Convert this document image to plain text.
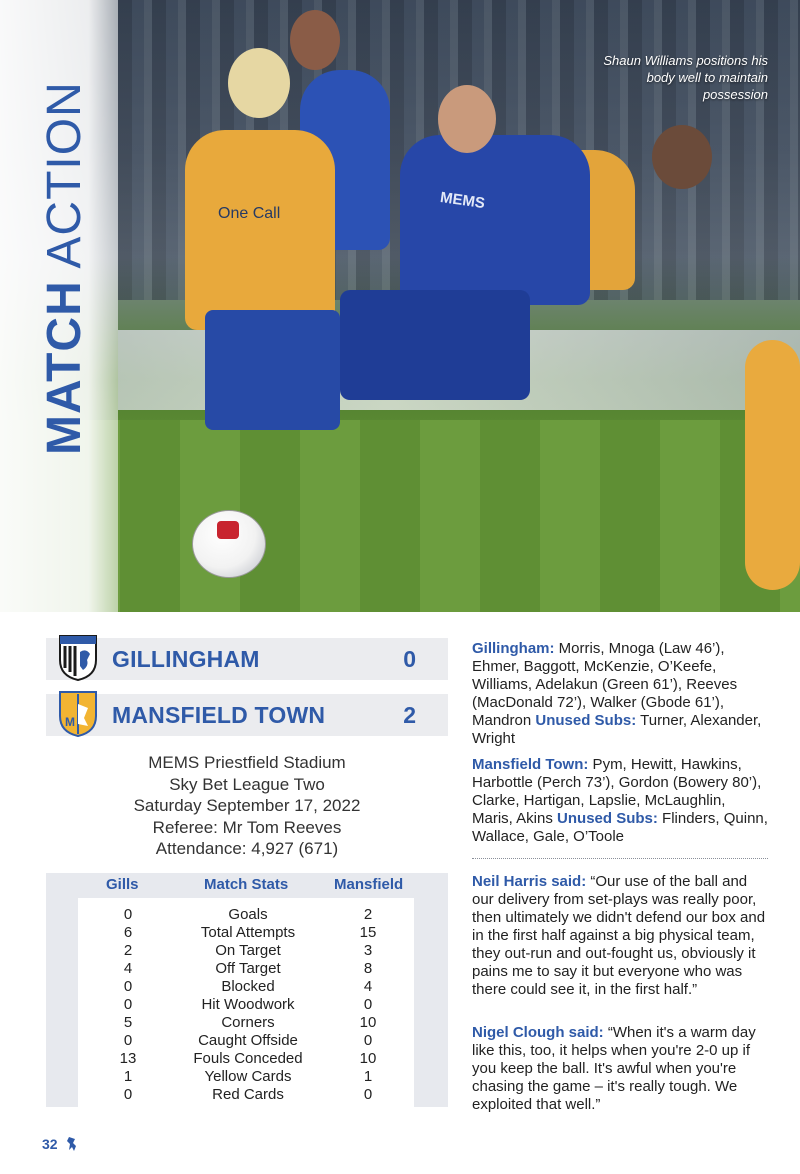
One Call
MEMS
Shaun Williams positions his body well to maintain possession
MATCH ACTION
GILLINGHAM	0
M MANSFIELD TOWN	2
MEMS Priestfield Stadium
Sky Bet League Two
Saturday September 17, 2022
Referee: Mr Tom Reeves
Attendance: 4,927 (671)
Gills	Match Stats	Mansfield
0	Goals	2
6	Total Attempts	15
2	On Target	3
4	Off Target	8
0	Blocked	4
0	Hit Woodwork	0
5	Corners	10
0	Caught Offside	0
13	Fouls Conceded	10
1	Yellow Cards	1
0	Red Cards	0
Gillingham: Morris, Mnoga (Law 46’), Ehmer, Baggott, McKenzie, O’Keefe, Williams, Adelakun (Green 61’), Reeves (MacDonald 72’), Walker (Gbode 61’), Mandron Unused Subs: Turner, Alexander, Wright
Mansfield Town: Pym, Hewitt, Hawkins, Harbottle (Perch 73’), Gordon (Bowery 80’), Clarke, Hartigan, Lapslie, McLaughlin, Maris, Akins Unused Subs: Flinders, Quinn, Wallace, Gale, O’Toole
Neil Harris said: “Our use of the ball and our delivery from set-plays was really poor, then ultimately we didn't defend our box and in the first half against a big physical team, they out-run and out-fought us, obviously it pains me to say it but everyone who was there could see it, in the first half.”
Nigel Clough said: “When it's a warm day like this, too, it helps when you're 2-0 up if you keep the ball. It's awful when you're chasing the game – it's really tough. We exploited that well.”
32
